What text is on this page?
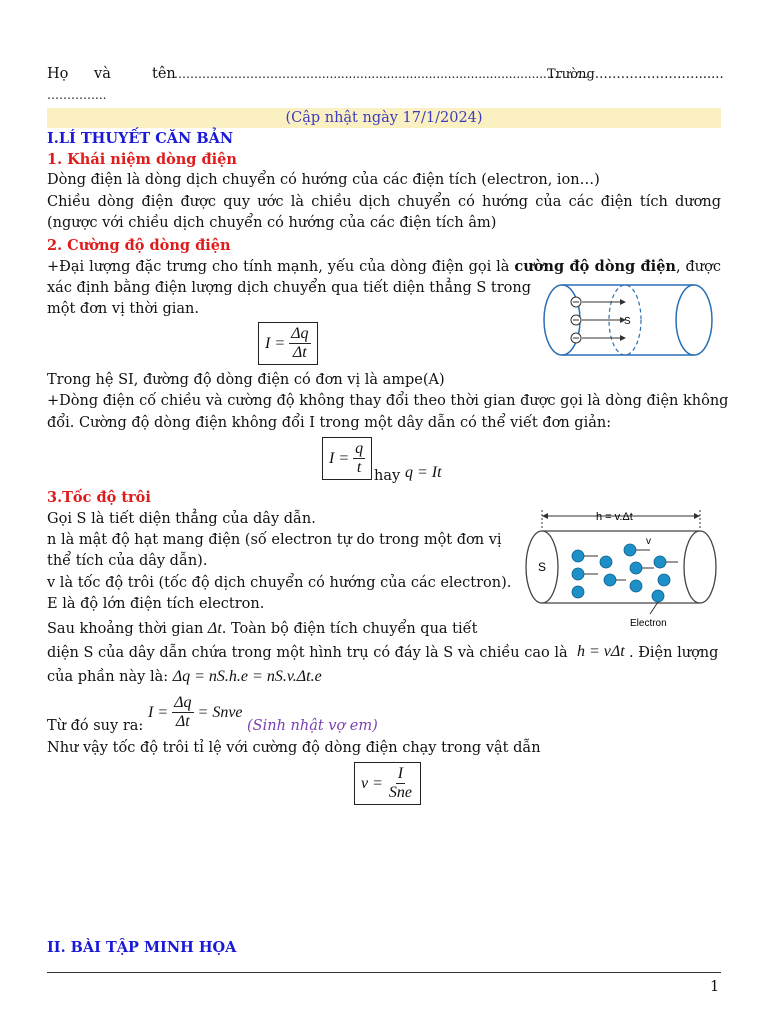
Họ và	tên
……………………………….......................................................................
Trường……………………......
…………...
(Cập nhật ngày 17/1/2024)
I.LÍ THUYẾT CĂN BẢN
1. Khái niệm dòng điện
Dòng điện là dòng dịch chuyển có hướng của các điện tích (electron, ion…)
Chiều dòng điện được quy ước là chiều dịch chuyển có hướng của các điện tích dương
(ngược với chiều dịch chuyển có hướng của các điện tích âm)
2. Cường độ dòng điện
+Đại lượng đặc trưng cho tính mạnh, yếu của dòng điện gọi là cường độ dòng điện, được
xác định bằng điện lượng dịch chuyển qua tiết diện thẳng S trong
một đơn vị thời gian.
S
$I = \frac{\Delta q}{\Delta t}$
Trong hệ SI, đường độ dòng điện có đơn vị là ampe(A)
+Dòng điện cố chiều và cường độ không thay đổi theo thời gian được gọi là dòng điện không
đổi. Cường độ dòng điện không đổi I trong một dây dẫn có thể viết đơn giản:
$I = \frac{q}{t}$ hay q = It
3.Tốc độ trôi
Gọi S là tiết diện thẳng của dây dẫn.
n là mật độ hạt mang điện (số electron tự do trong một đơn vị
thể tích của dây dẫn).
v là tốc độ trôi (tốc độ dịch chuyển có hướng của các electron).
E là độ lớn điện tích electron.
h = v.Δt
S
v
Electron
Sau khoảng thời gian Δt. Toàn bộ điện tích chuyển qua tiết
diện S của dây dẫn chứa trong một hình trụ có đáy là S và chiều cao là h = vΔt . Điện lượng
của phần này là: Δq = nS.h.e = nS.v.Δt.e
Từ đó suy ra:
$I = \frac{\Delta q}{\Delta t}$ = Snve
(Sinh nhật vợ em)
Như vậy tốc độ trôi tỉ lệ với cường độ dòng điện chạy trong vật dẫn
$v = \frac{I}{\text{Sne}}$
II. BÀI TẬP MINH HỌA
1
